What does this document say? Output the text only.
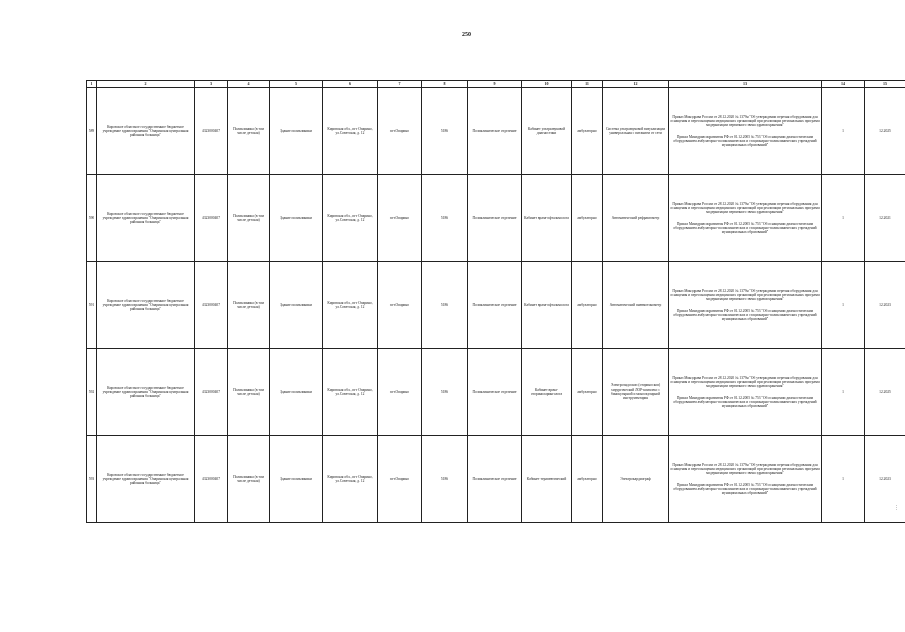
250
1	2	3	4	5	6	7	8	9	10	11	12	13	14	15
589	Кировское областное государственное бюджетное учреждение здравоохранения "Опаринская центральная районная больница"	4323000407	Поликлиника (в том числе детская)	Здание поликлиники	Кировская обл., пгт Опарино, ул.Советская, д. 12	пгт.Опарино	5186	Поликлиническое отделение	Кабинет ультразвуковой диагностики	амбулаторно	Система ультразвуковой визуализации универсальная с питанием от сети	Приказ Минздрава России от 28.12.2020 № 1379н "Об утверждении перечня оборудования для оснащения и переоснащения медицинских организаций при реализации региональных программ модернизации первичного звена здравоохранения"

Приказ Минздравсоцразвития РФ от 01.12.2005 № 753 "Об оснащении диагностическим оборудованием амбулаторно-поликлинических и стационарно-поликлинических учреждений муниципальных образований"	1	12.2025
590	Кировское областное государственное бюджетное учреждение здравоохранения "Опаринская центральная районная больница"	4323000407	Поликлиника (в том числе детская)	Здание поликлиники	Кировская обл., пгт Опарино, ул.Советская, д. 12	пгт.Опарино	5186	Поликлиническое отделение	Кабинет врача-офтальмолога	амбулаторно	Автоматический рефрактометр	Приказ Минздрава России от 28.12.2020 № 1379н "Об утверждении перечня оборудования для оснащения и переоснащения медицинских организаций при реализации региональных программ модернизации первичного звена здравоохранения"

Приказ Минздравсоцразвития РФ от 01.12.2005 № 753 "Об оснащении диагностическим оборудованием амбулаторно-поликлинических и стационарно-поликлинических учреждений муниципальных образований"	1	12.2021
591	Кировское областное государственное бюджетное учреждение здравоохранения "Опаринская центральная районная больница"	4323000407	Поликлиника (в том числе детская)	Здание поликлиники	Кировская обл., пгт Опарино, ул.Советская, д. 12	пгт.Опарино	5186	Поликлиническое отделение	Кабинет врача-офтальмолога	амбулаторно	Автоматический пневмотонометр	Приказ Минздрава России от 28.12.2020 № 1379н "Об утверждении перечня оборудования для оснащения и переоснащения медицинских организаций при реализации региональных программ модернизации первичного звена здравоохранения"

Приказ Минздравсоцразвития РФ от 01.12.2005 № 753 "Об оснащении диагностическим оборудованием амбулаторно-поликлинических и стационарно-поликлинических учреждений муниципальных образований"	1	12.2023
592	Кировское областное государственное бюджетное учреждение здравоохранения "Опаринская центральная районная больница"	4323000407	Поликлиника (в том числе детская)	Здание поликлиники	Кировская обл., пгт Опарино, ул.Советская, д. 12	пгт.Опарино	5186	Поликлиническое отделение	Кабинет врача-оториноларинголога	амбулаторно	Электроэндоскоп (оториноскоп) хирургический ЛОР-комплекс с бинокулярной и моноокулярной инструментария	Приказ Минздрава России от 28.12.2020 № 1379н "Об утверждении перечня оборудования для оснащения и переоснащения медицинских организаций при реализации региональных программ модернизации первичного звена здравоохранения"

Приказ Минздравсоцразвития РФ от 01.12.2005 № 753 "Об оснащении диагностическим оборудованием амбулаторно-поликлинических и стационарно-поликлинических учреждений муниципальных образований"	1	12.2025
593	Кировское областное государственное бюджетное учреждение здравоохранения "Опаринская центральная районная больница"	4323000407	Поликлиника (в том числе детская)	Здание поликлиники	Кировская обл., пгт Опарино, ул.Советская, д. 12	пгт.Опарино	5186	Поликлиническое отделение	Кабинет терапевтический	амбулаторно	Электрокардиограф	Приказ Минздрава России от 28.12.2020 № 1379н "Об утверждении перечня оборудования для оснащения и переоснащения медицинских организаций при реализации региональных программ модернизации первичного звена здравоохранения"

Приказ Минздравсоцразвития РФ от 01.12.2005 № 753 "Об оснащении диагностическим оборудованием амбулаторно-поликлинических и стационарно-поликлинических учреждений муниципальных образований"	1	12.2023
⋮
